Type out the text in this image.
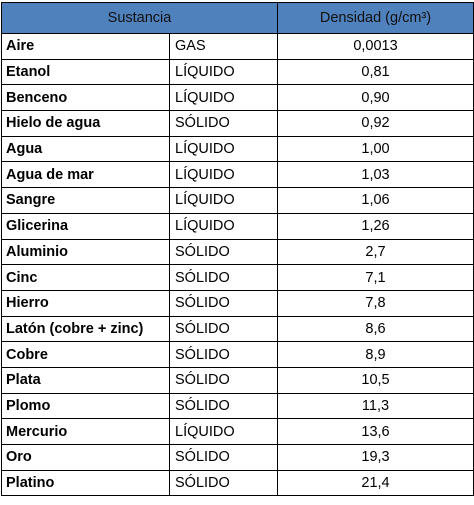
Sustancia		Densidad (g/cm³)
Aire	GAS	0,0013
Etanol	LÍQUIDO	0,81
Benceno	LÍQUIDO	0,90
Hielo de agua	SÓLIDO	0,92
Agua	LÍQUIDO	1,00
Agua de mar	LÍQUIDO	1,03
Sangre	LÍQUIDO	1,06
Glicerina	LÍQUIDO	1,26
Aluminio	SÓLIDO	2,7
Cinc	SÓLIDO	7,1
Hierro	SÓLIDO	7,8
Latón (cobre + zinc)	SÓLIDO	8,6
Cobre	SÓLIDO	8,9
Plata	SÓLIDO	10,5
Plomo	SÓLIDO	11,3
Mercurio	LÍQUIDO	13,6
Oro	SÓLIDO	19,3
Platino	SÓLIDO	21,4
